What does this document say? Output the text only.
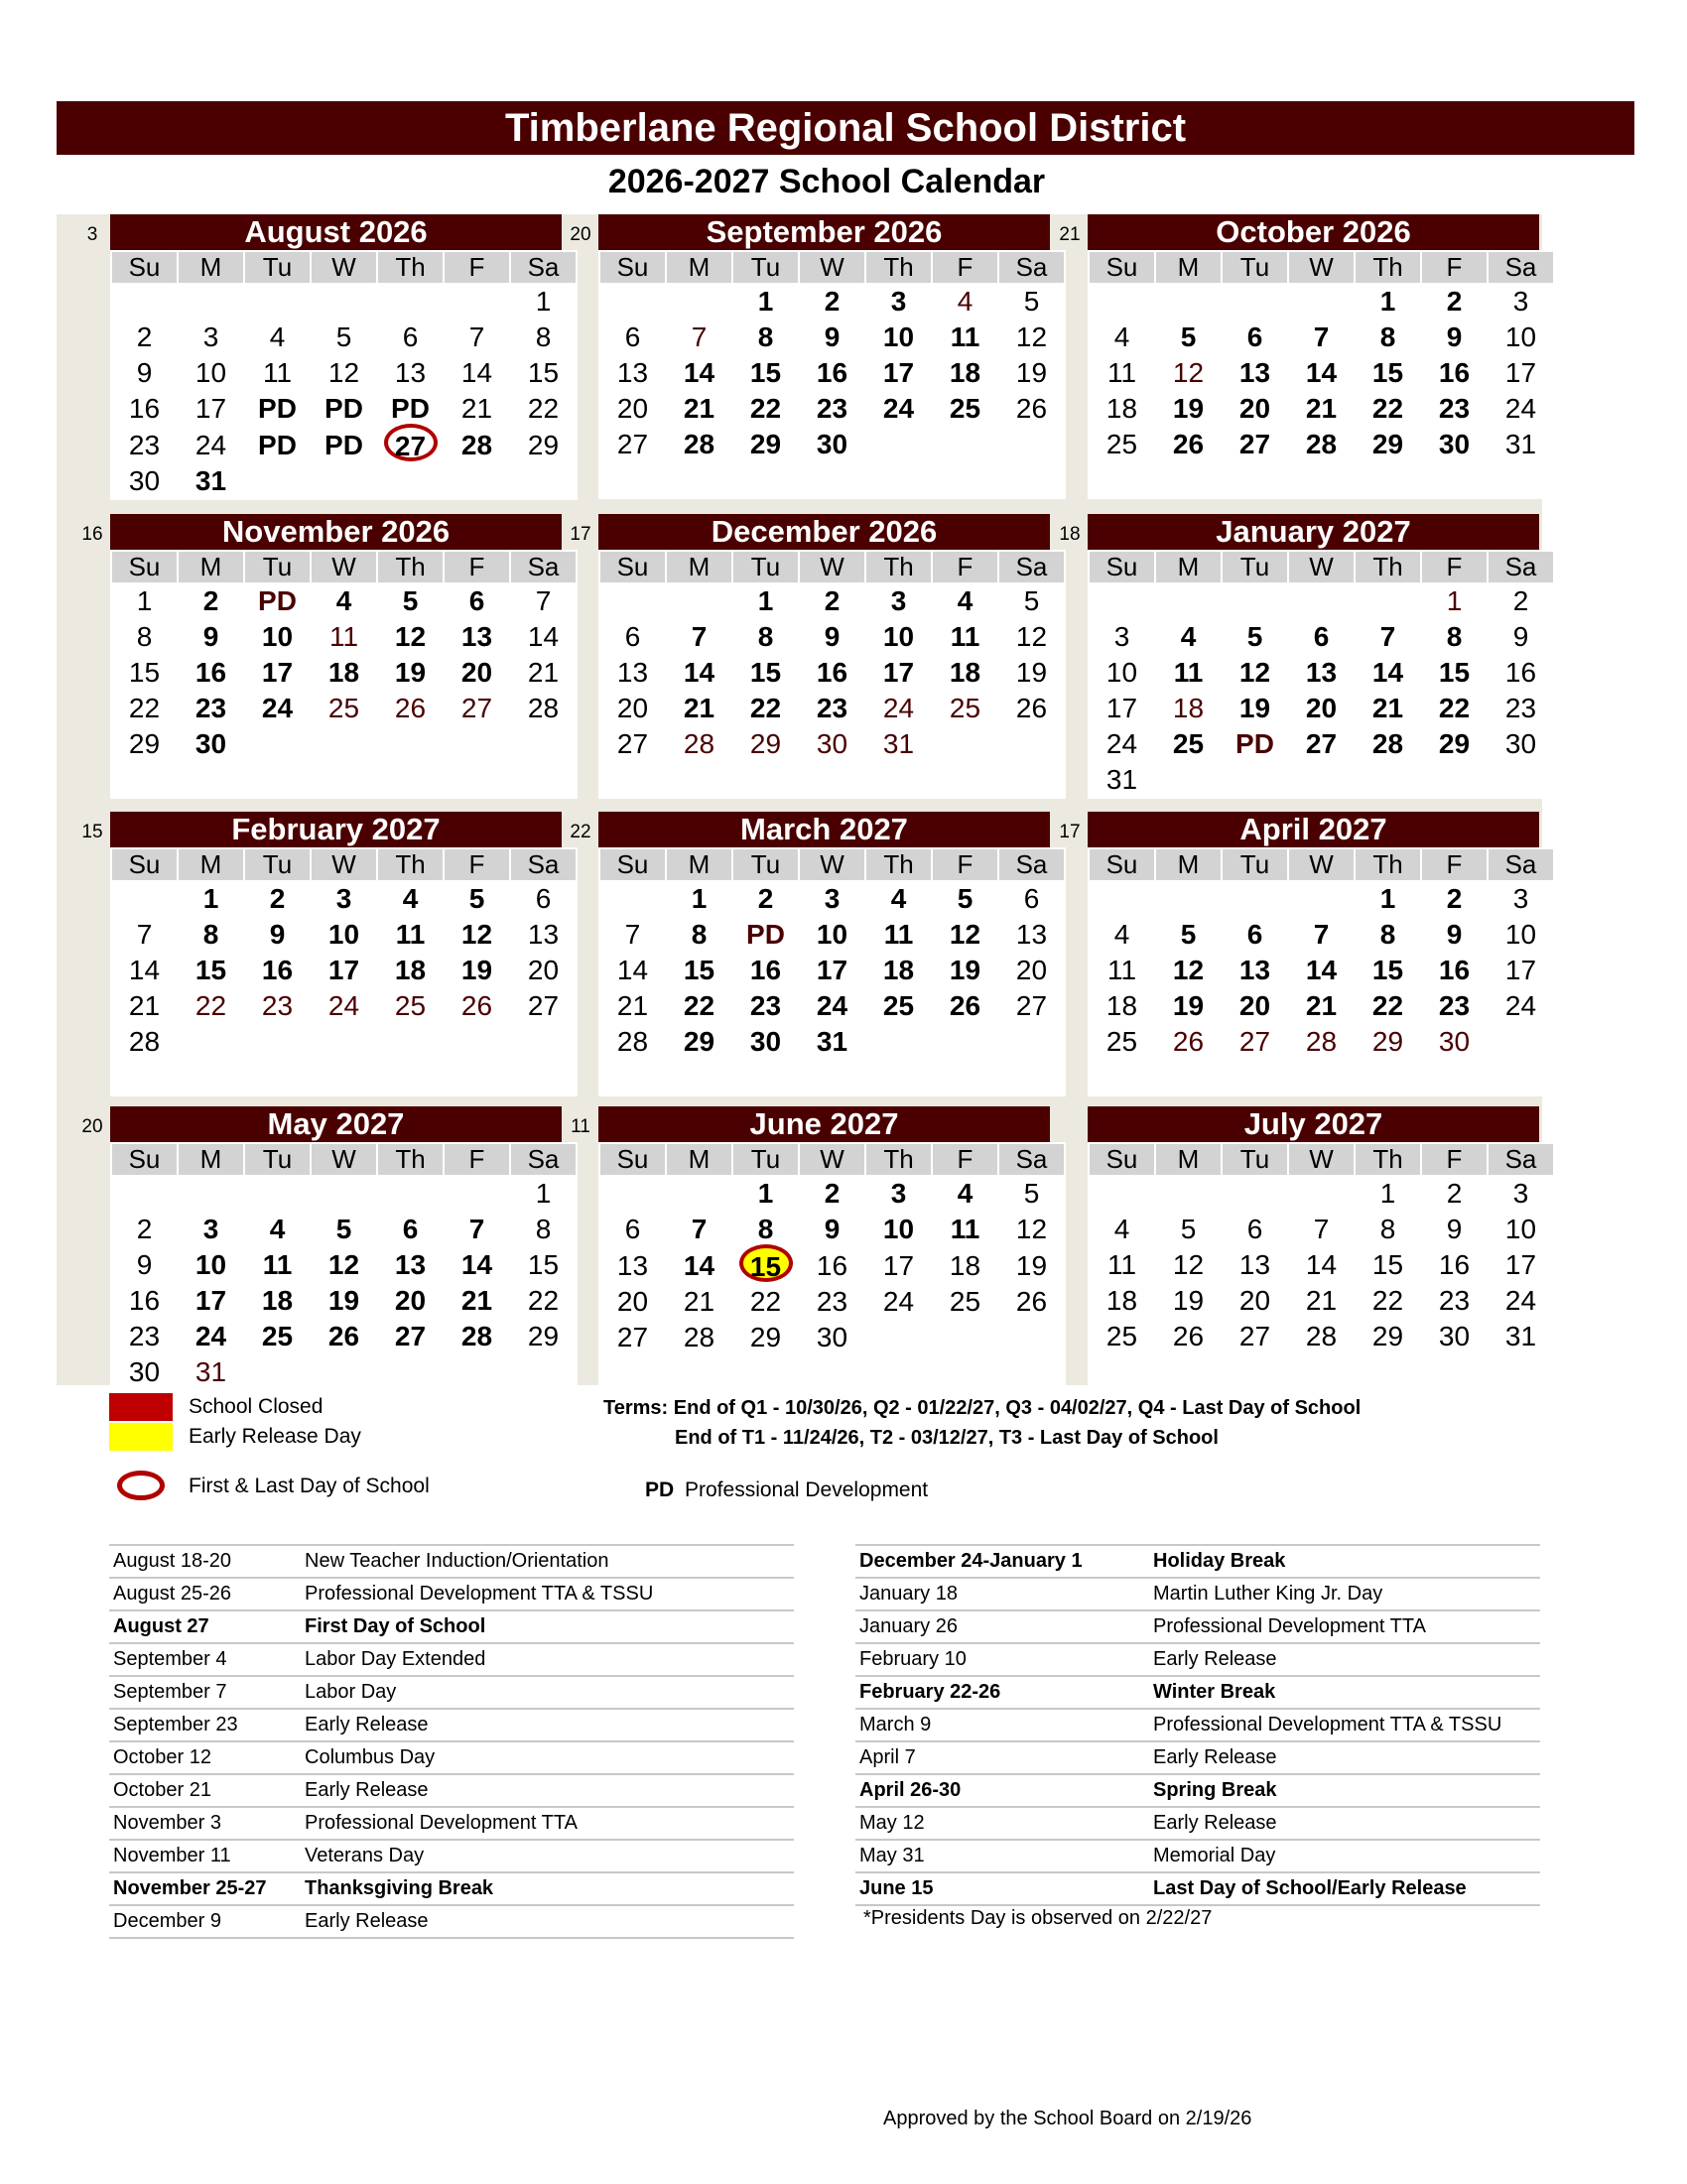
Timberlane Regional School District
2026-2027 School Calendar
3	August 2026
Su	M	Tu	W	Th	F	Sa
						1
2	3	4	5	6	7	8
9	10	11	12	13	14	15
16	17	PD	PD	PD	21	22
23	24	PD	PD	27	28	29
30	31					
20	September 2026
Su	M	Tu	W	Th	F	Sa
		1	2	3	4	5
6	7	8	9	10	11	12
13	14	15	16	17	18	19
20	21	22	23	24	25	26
27	28	29	30			

21	October 2026
Su	M	Tu	W	Th	F	Sa
				1	2	3
4	5	6	7	8	9	10
11	12	13	14	15	16	17
18	19	20	21	22	23	24
25	26	27	28	29	30	31

16	November 2026
Su	M	Tu	W	Th	F	Sa
1	2	PD	4	5	6	7
8	9	10	11	12	13	14
15	16	17	18	19	20	21
22	23	24	25	26	27	28
29	30					

17	December 2026
Su	M	Tu	W	Th	F	Sa
		1	2	3	4	5
6	7	8	9	10	11	12
13	14	15	16	17	18	19
20	21	22	23	24	25	26
27	28	29	30	31		

18	January 2027
Su	M	Tu	W	Th	F	Sa
					1	2
3	4	5	6	7	8	9
10	11	12	13	14	15	16
17	18	19	20	21	22	23
24	25	PD	27	28	29	30
31						
15	February 2027
Su	M	Tu	W	Th	F	Sa
	1	2	3	4	5	6
7	8	9	10	11	12	13
14	15	16	17	18	19	20
21	22	23	24	25	26	27
28						

22	March 2027
Su	M	Tu	W	Th	F	Sa
	1	2	3	4	5	6
7	8	PD	10	11	12	13
14	15	16	17	18	19	20
21	22	23	24	25	26	27
28	29	30	31			

17	April 2027
Su	M	Tu	W	Th	F	Sa
				1	2	3
4	5	6	7	8	9	10
11	12	13	14	15	16	17
18	19	20	21	22	23	24
25	26	27	28	29	30	

20	May 2027
Su	M	Tu	W	Th	F	Sa
						1
2	3	4	5	6	7	8
9	10	11	12	13	14	15
16	17	18	19	20	21	22
23	24	25	26	27	28	29
30	31					
11	June 2027
Su	M	Tu	W	Th	F	Sa
		1	2	3	4	5
6	7	8	9	10	11	12
13	14	15	16	17	18	19
20	21	22	23	24	25	26
27	28	29	30			

July 2027
Su	M	Tu	W	Th	F	Sa
				1	2	3
4	5	6	7	8	9	10
11	12	13	14	15	16	17
18	19	20	21	22	23	24
25	26	27	28	29	30	31

School Closed
Early Release Day
First & Last Day of School	PD Professional Development
Terms: End of Q1 - 10/30/26, Q2 - 01/22/27, Q3 - 04/02/27, Q4 - Last Day of School
End of T1 - 11/24/26, T2 - 03/12/27, T3 - Last Day of School
August 18-20	New Teacher Induction/Orientation
August 25-26	Professional Development TTA & TSSU
August 27	First Day of School
September 4	Labor Day Extended
September 7	Labor Day
September 23	Early Release
October 12	Columbus Day
October 21	Early Release
November 3	Professional Development TTA
November 11	Veterans Day
November 25-27 Thanksgiving Break
December 9	Early Release
December 24-January 1	Holiday Break
January 18	Martin Luther King Jr. Day
January 26	Professional Development TTA
February 10	Early Release
February 22-26	Winter Break
March 9	Professional Development TTA & TSSU
April 7	Early Release
April 26-30	Spring Break
May 12	Early Release
May 31	Memorial Day
June 15	Last Day of School/Early Release
*Presidents Day is observed on 2/22/27
Approved by the School Board on 2/19/26
